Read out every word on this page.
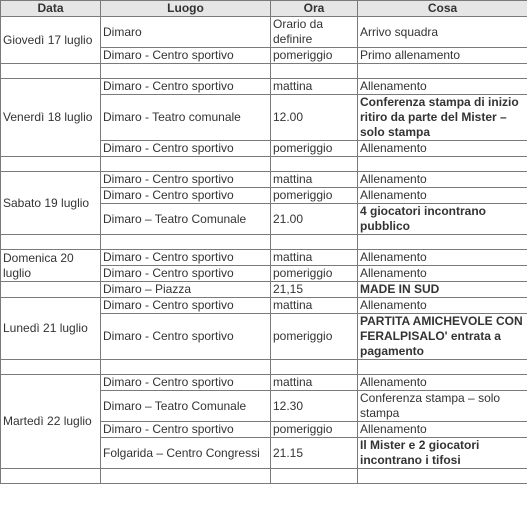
Data	Luogo	Ora	Cosa
Giovedì 17 luglio	Dimaro	Orario da definire	Arrivo squadra
	Dimaro - Centro sportivo	pomeriggio	Primo allenamento

Venerdì 18 luglio	Dimaro - Centro sportivo	mattina	Allenamento
	Dimaro - Teatro comunale	12.00	Conferenza stampa di inizio ritiro da parte del Mister – solo stampa
	Dimaro - Centro sportivo	pomeriggio	Allenamento

Sabato 19 luglio	Dimaro - Centro sportivo	mattina	Allenamento
	Dimaro - Centro sportivo	pomeriggio	Allenamento
	Dimaro – Teatro Comunale	21.00	4 giocatori incontrano pubblico

Domenica 20 luglio	Dimaro - Centro sportivo	mattina	Allenamento
	Dimaro - Centro sportivo	pomeriggio	Allenamento
	Dimaro – Piazza	21,15	MADE IN SUD
Lunedì 21 luglio	Dimaro - Centro sportivo	mattina	Allenamento
	Dimaro - Centro sportivo	pomeriggio	PARTITA AMICHEVOLE CON FERALPISALO' entrata a pagamento

Martedì 22 luglio	Dimaro - Centro sportivo	mattina	Allenamento
	Dimaro – Teatro Comunale	12.30	Conferenza stampa – solo stampa
	Dimaro - Centro sportivo	pomeriggio	Allenamento
	Folgarida – Centro Congressi	21.15	Il Mister e 2 giocatori incontrano i tifosi
